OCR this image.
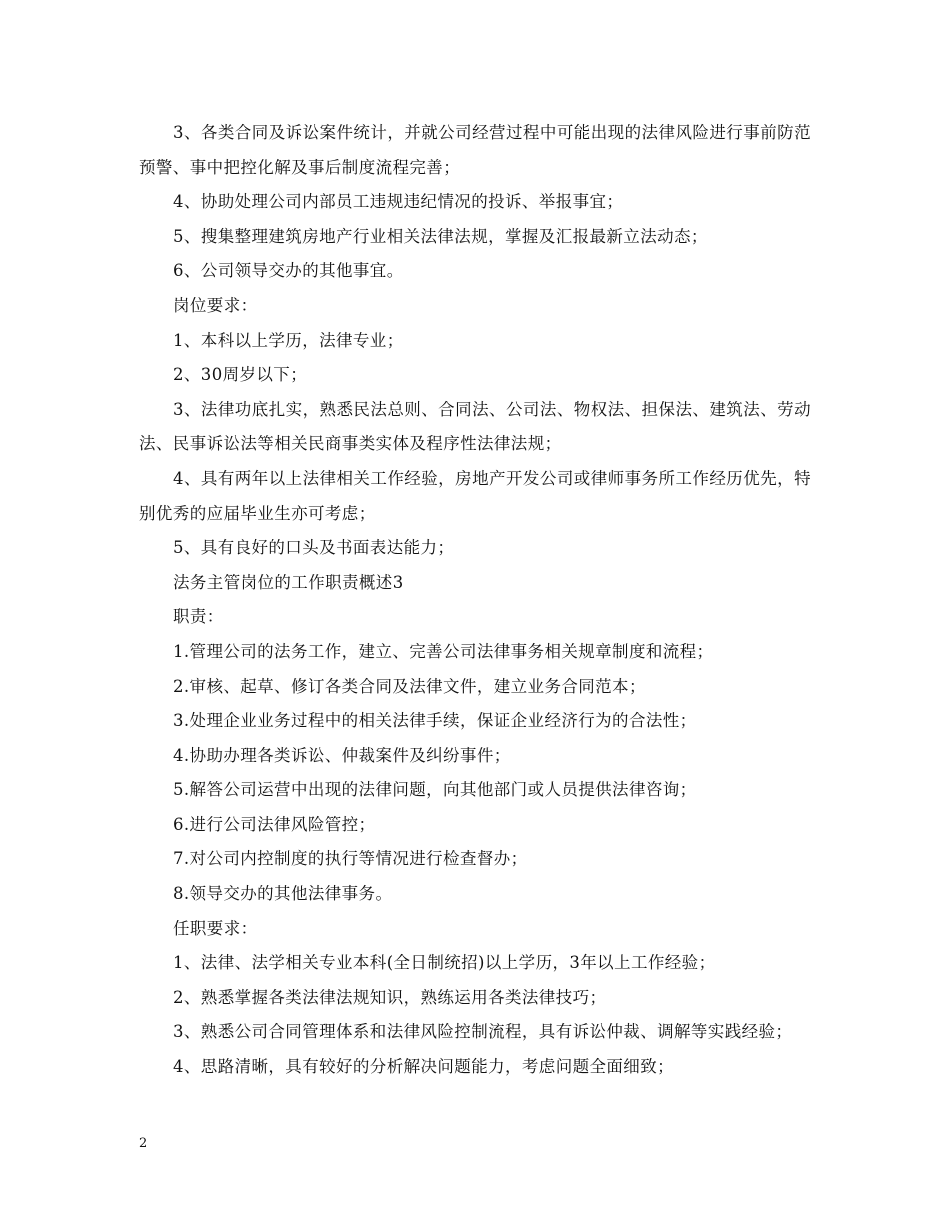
3、各类合同及诉讼案件统计，并就公司经营过程中可能出现的法律风险进行事前防范预警、事中把控化解及事后制度流程完善；

4、协助处理公司内部员工违规违纪情况的投诉、举报事宜；

5、搜集整理建筑房地产行业相关法律法规，掌握及汇报最新立法动态；

6、公司领导交办的其他事宜。

岗位要求：

1、本科以上学历，法律专业；

2、30周岁以下；

3、法律功底扎实，熟悉民法总则、合同法、公司法、物权法、担保法、建筑法、劳动法、民事诉讼法等相关民商事类实体及程序性法律法规；

4、具有两年以上法律相关工作经验，房地产开发公司或律师事务所工作经历优先，特别优秀的应届毕业生亦可考虑；

5、具有良好的口头及书面表达能力；

法务主管岗位的工作职责概述3

职责：

1.管理公司的法务工作，建立、完善公司法律事务相关规章制度和流程；

2.审核、起草、修订各类合同及法律文件，建立业务合同范本；

3.处理企业业务过程中的相关法律手续，保证企业经济行为的合法性；

4.协助办理各类诉讼、仲裁案件及纠纷事件；

5.解答公司运营中出现的法律问题，向其他部门或人员提供法律咨询；

6.进行公司法律风险管控；

7.对公司内控制度的执行等情况进行检查督办；

8.领导交办的其他法律事务。

任职要求：

1、法律、法学相关专业本科(全日制统招)以上学历，3年以上工作经验；

2、熟悉掌握各类法律法规知识，熟练运用各类法律技巧；

3、熟悉公司合同管理体系和法律风险控制流程，具有诉讼仲裁、调解等实践经验；

4、思路清晰，具有较好的分析解决问题能力，考虑问题全面细致；

2
